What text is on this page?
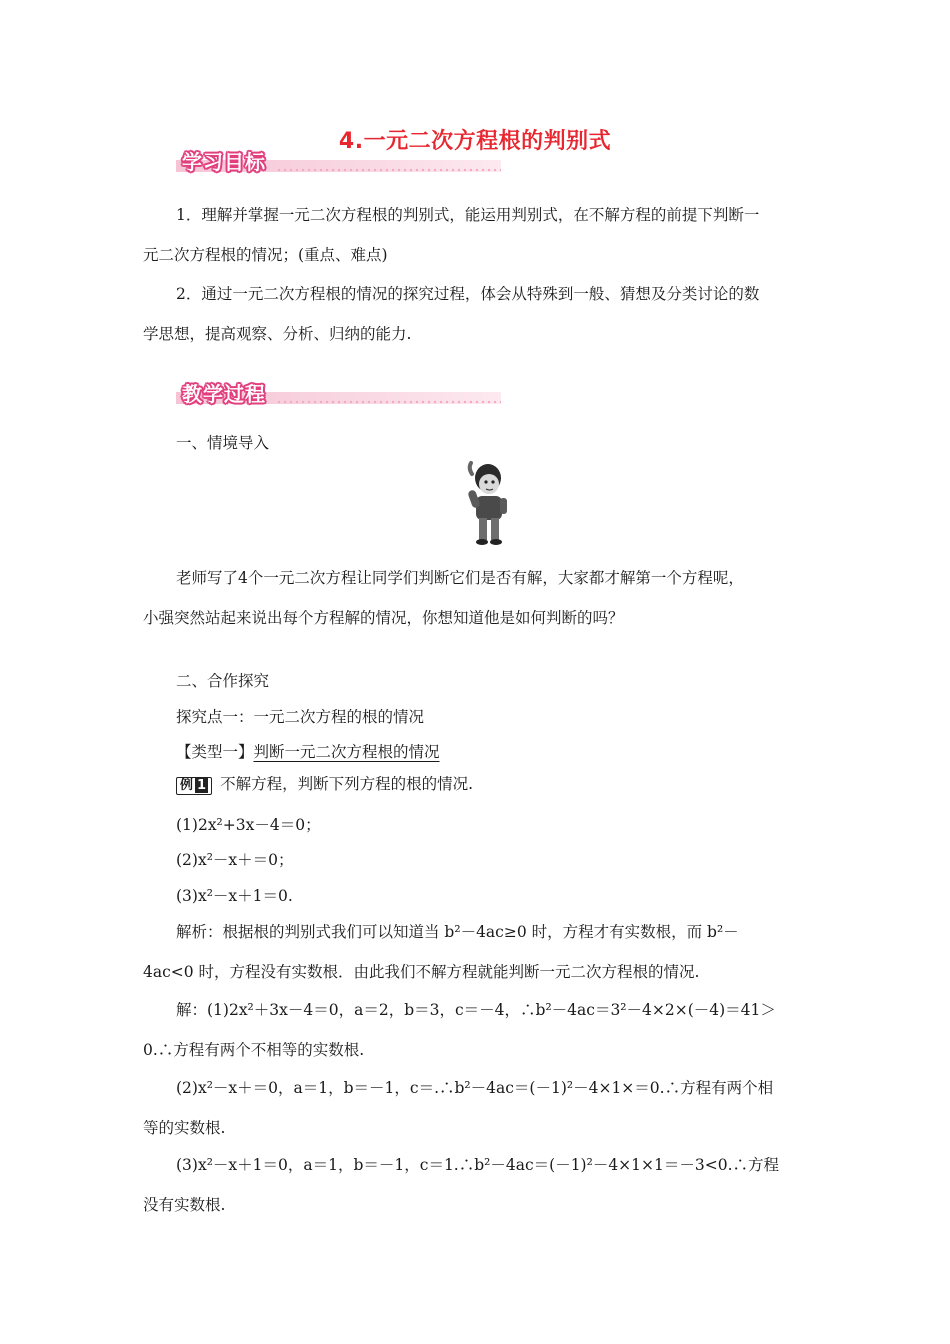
4.一元二次方程根的判别式
学习目标
1．理解并掌握一元二次方程根的判别式，能运用判别式，在不解方程的前提下判断一
元二次方程根的情况；(重点、难点)
2．通过一元二次方程根的情况的探究过程，体会从特殊到一般、猜想及分类讨论的数
学思想，提高观察、分析、归纳的能力.
教学过程
一、情境导入
老师写了4个一元二次方程让同学们判断它们是否有解，大家都才解第一个方程呢，
小强突然站起来说出每个方程解的情况，你想知道他是如何判断的吗？
二、合作探究
探究点一：一元二次方程的根的情况
【类型一】判断一元二次方程根的情况
例 1 不解方程，判断下列方程的根的情况.
(1)2x²+3x－4＝0；
(2)x²－x＋＝0；
(3)x²－x＋1＝0.
解析：根据根的判别式我们可以知道当 b²－4ac≥0 时，方程才有实数根，而 b²－
4ac<0 时，方程没有实数根．由此我们不解方程就能判断一元二次方程根的情况.
解：(1)2x²＋3x－4＝0，a＝2，b＝3，c＝－4，∴b²－4ac＝3²－4×2×(－4)＝41＞
0.∴方程有两个不相等的实数根.
(2)x²－x＋＝0，a＝1，b＝－1，c＝.∴b²－4ac＝(－1)²－4×1×＝0.∴方程有两个相
等的实数根.
(3)x²－x＋1＝0，a＝1，b＝－1，c＝1.∴b²－4ac＝(－1)²－4×1×1＝－3<0.∴方程
没有实数根.
